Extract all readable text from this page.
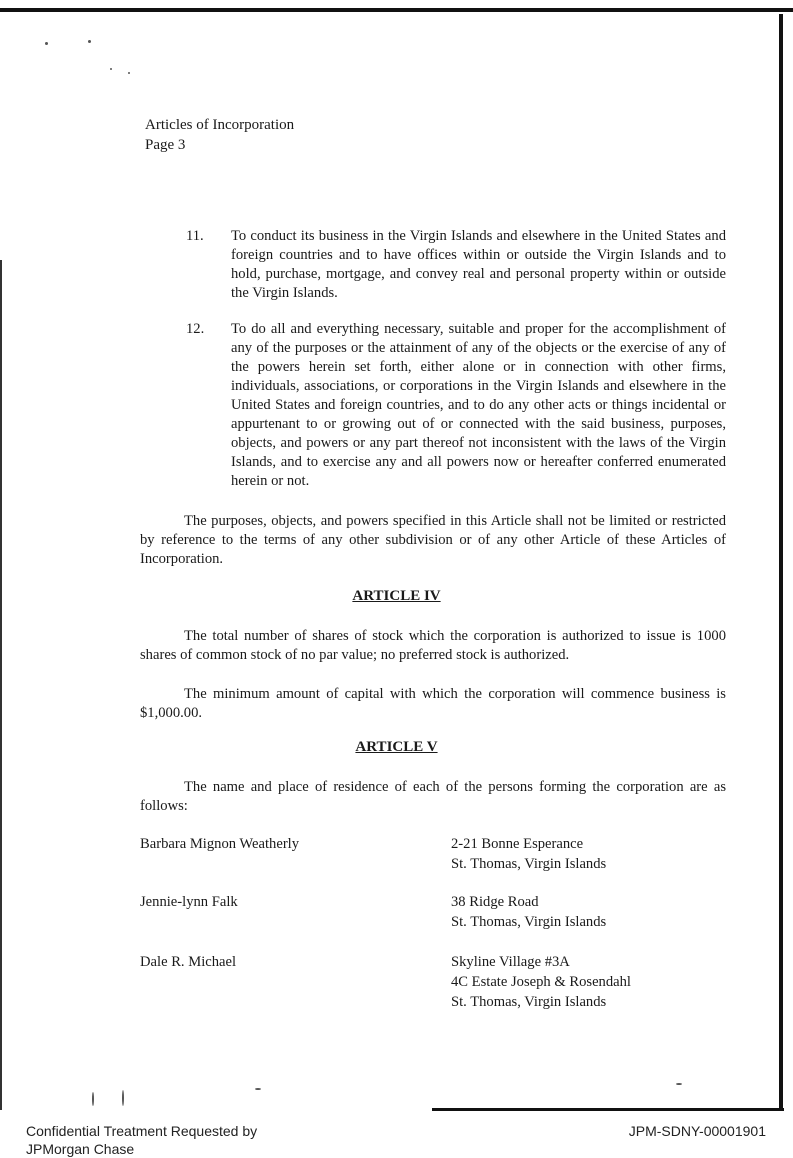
Articles of Incorporation
Page 3
11. To conduct its business in the Virgin Islands and elsewhere in the United States and foreign countries and to have offices within or outside the Virgin Islands and to hold, purchase, mortgage, and convey real and personal property within or outside the Virgin Islands.
12. To do all and everything necessary, suitable and proper for the accomplishment of any of the purposes or the attainment of any of the objects or the exercise of any of the powers herein set forth, either alone or in connection with other firms, individuals, associations, or corporations in the Virgin Islands and elsewhere in the United States and foreign countries, and to do any other acts or things incidental or appurtenant to or growing out of or connected with the said business, purposes, objects, and powers or any part thereof not inconsistent with the laws of the Virgin Islands, and to exercise any and all powers now or hereafter conferred enumerated herein or not.
The purposes, objects, and powers specified in this Article shall not be limited or restricted by reference to the terms of any other subdivision or of any other Article of these Articles of Incorporation.
ARTICLE IV
The total number of shares of stock which the corporation is authorized to issue is 1000 shares of common stock of no par value; no preferred stock is authorized.
The minimum amount of capital with which the corporation will commence business is $1,000.00.
ARTICLE V
The name and place of residence of each of the persons forming the corporation are as follows:
Barbara Mignon Weatherly	2-21 Bonne Esperance
St. Thomas, Virgin Islands
Jennie-lynn Falk	38 Ridge Road
St. Thomas, Virgin Islands
Dale R. Michael	Skyline Village #3A
4C Estate Joseph & Rosendahl
St. Thomas, Virgin Islands
Confidential Treatment Requested by
JPMorgan Chase
JPM-SDNY-00001901
